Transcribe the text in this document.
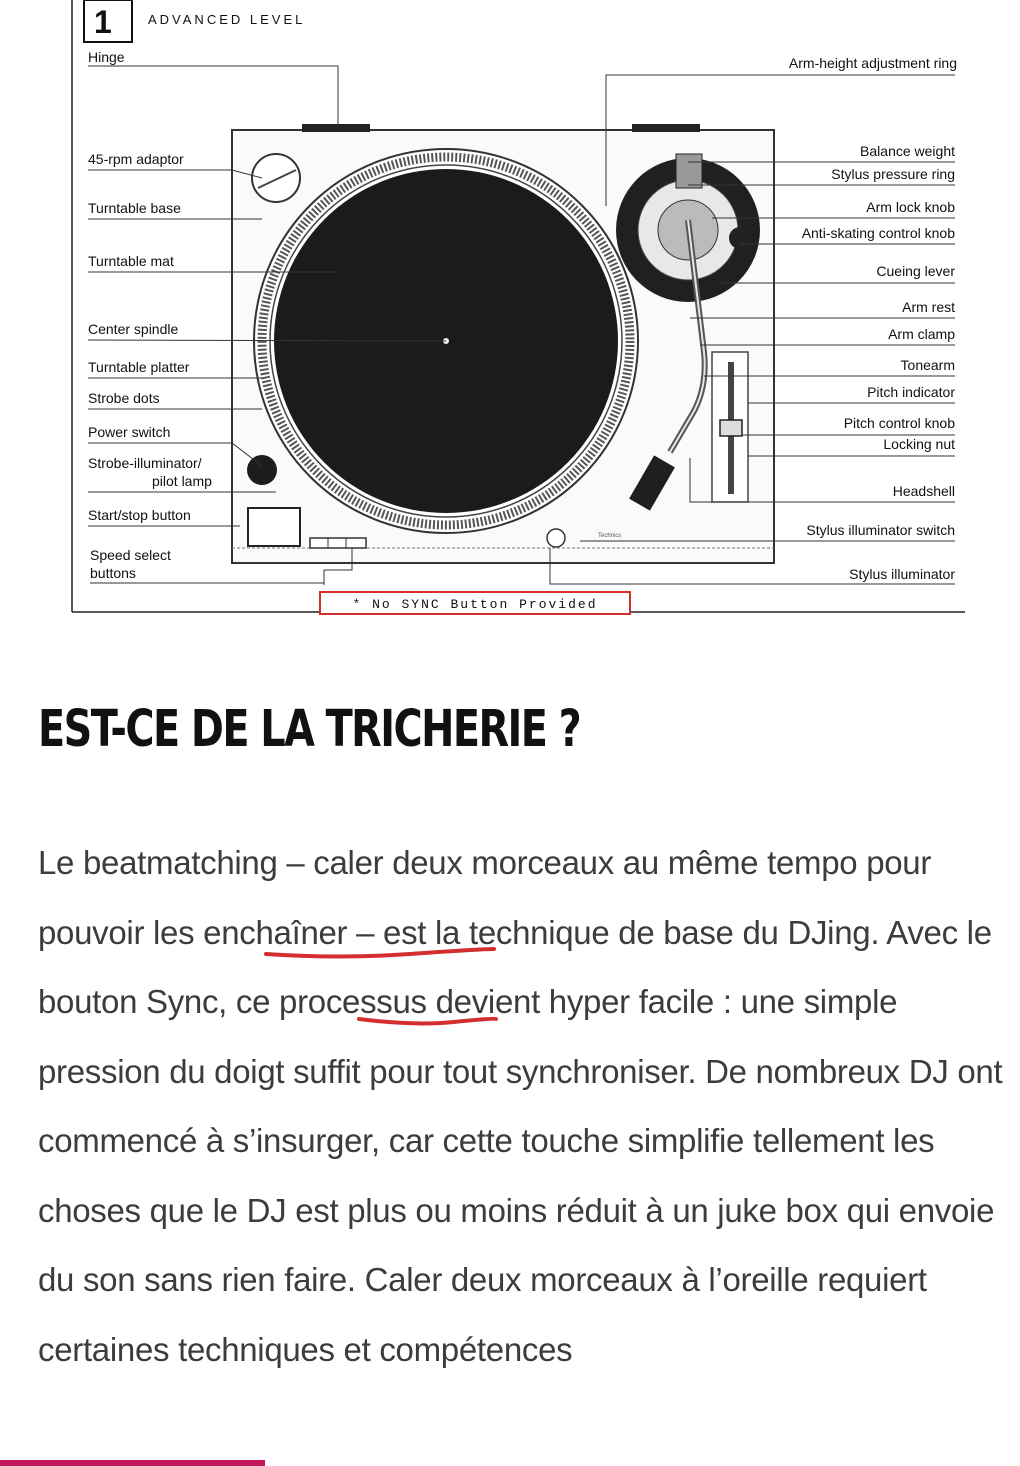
1	ADVANCED LEVEL
Technics
Hinge
45-rpm adaptor
Turntable base
Turntable mat
Center spindle
Turntable platter
Strobe dots
Power switch
Strobe-illuminator/
pilot lamp
Start/stop button
Speed select
buttons
Arm-height adjustment ring
Balance weight
Stylus pressure ring
Arm lock knob
Anti-skating control knob
Cueing lever
Arm rest
Arm clamp
Tonearm
Pitch indicator
Pitch control knob
Locking nut
Headshell
Stylus illuminator switch
Stylus illuminator
* No SYNC Button Provided
EST-CE DE LA TRICHERIE ?

Le beatmatching – caler deux morceaux au même tempo pour pouvoir les enchaîner – est la technique de base du DJing. Avec le bouton Sync, ce processus devient hyper facile : une simple pression du doigt suffit pour tout synchroniser. De nombreux DJ ont commencé à s’insurger, car cette touche simplifie tellement les choses que le DJ est plus ou moins réduit à un juke box qui envoie du son sans rien faire. Caler deux morceaux à l’oreille requiert certaines techniques et compétences
